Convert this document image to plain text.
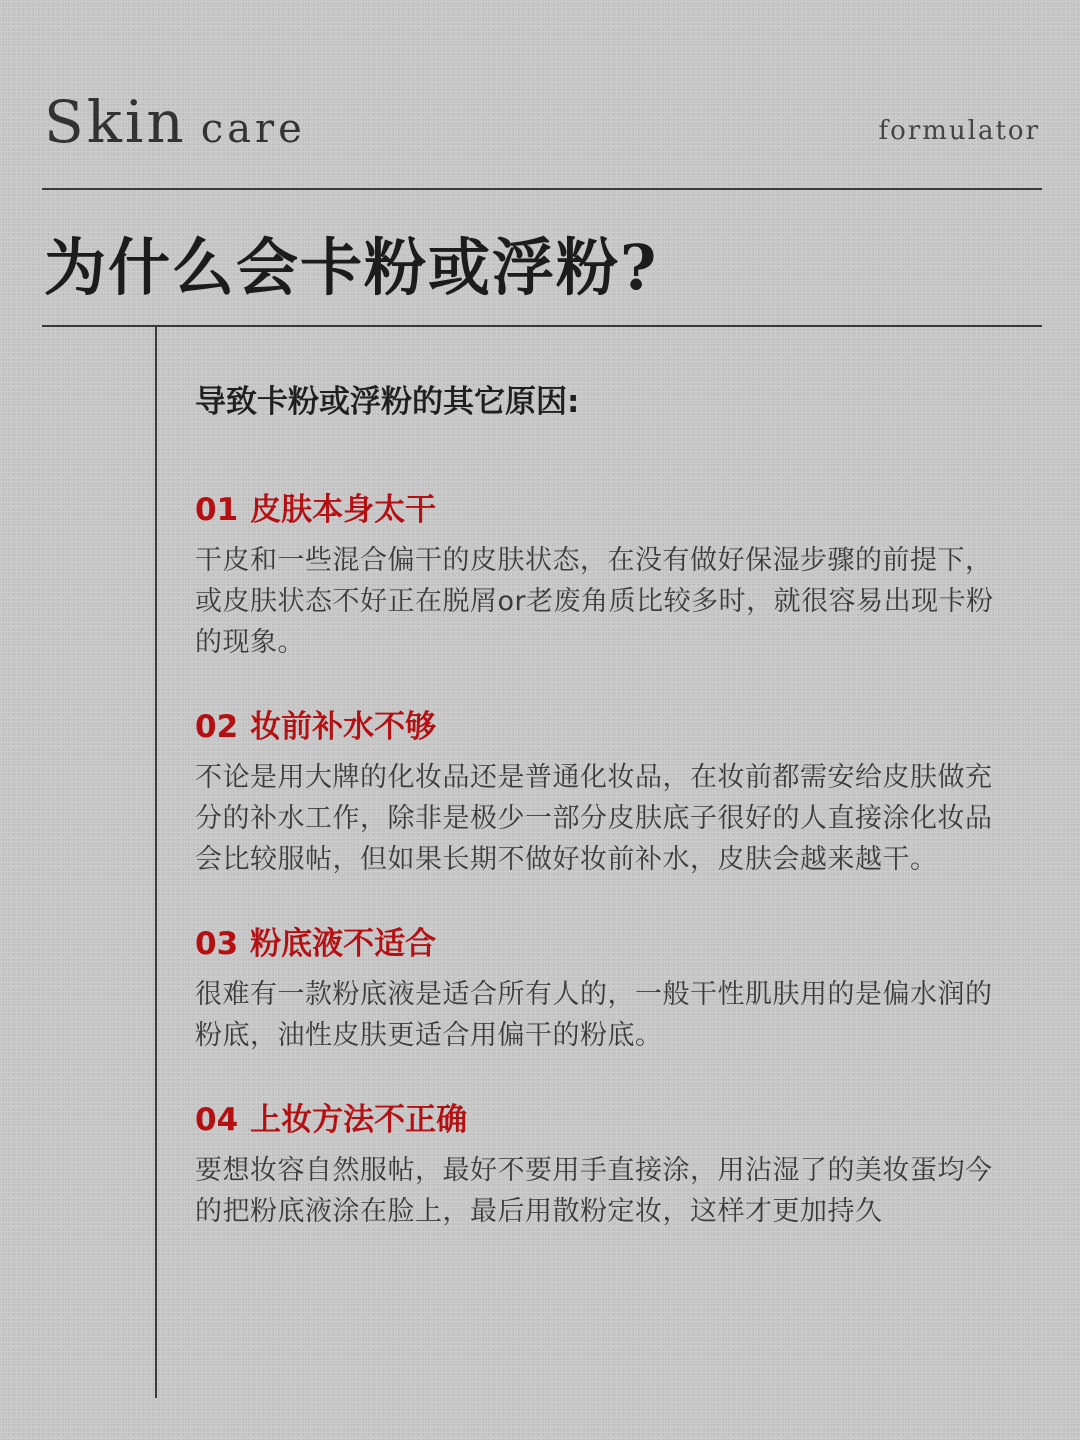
Skin care	formulator
为什么会卡粉或浮粉?
导致卡粉或浮粉的其它原因:
01 皮肤本身太干

干皮和一些混合偏干的皮肤状态，在没有做好保湿步骤的前提下，或皮肤状态不好正在脱屑or老废角质比较多时，就很容易出现卡粉的现象。

02 妆前补水不够

不论是用大牌的化妆品还是普通化妆品，在妆前都需安给皮肤做充分的补水工作，除非是极少一部分皮肤底子很好的人直接涂化妆品会比较服帖，但如果长期不做好妆前补水，皮肤会越来越干。

03 粉底液不适合

很难有一款粉底液是适合所有人的，一般干性肌肤用的是偏水润的粉底，油性皮肤更适合用偏干的粉底。

04 上妆方法不正确

要想妆容自然服帖，最好不要用手直接涂，用沾湿了的美妆蛋均今的把粉底液涂在脸上，最后用散粉定妆，这样才更加持久
